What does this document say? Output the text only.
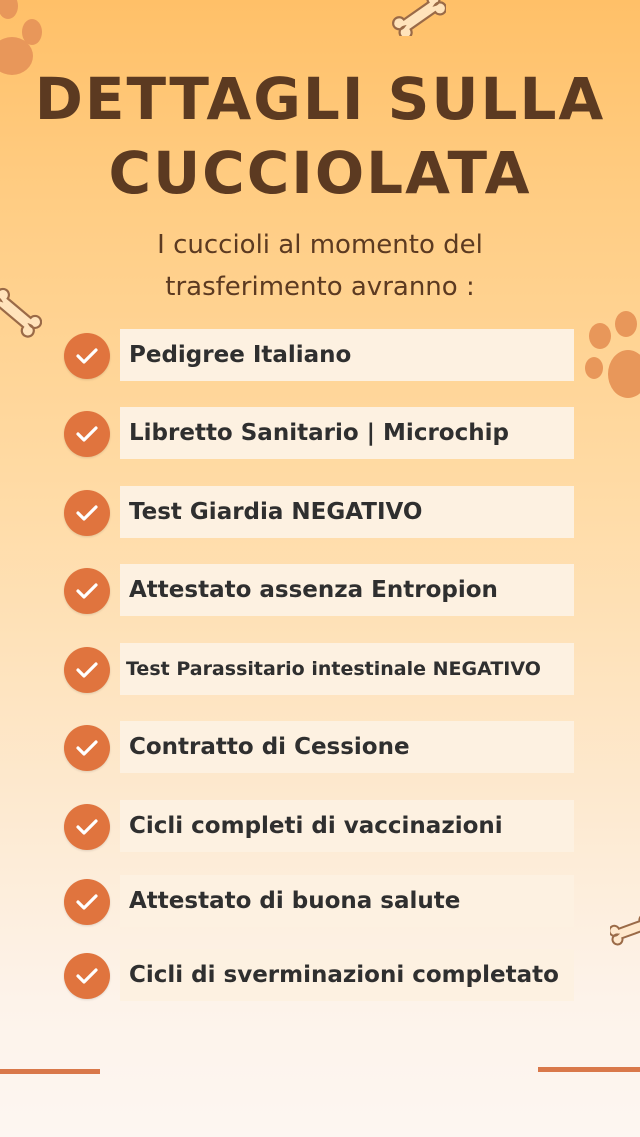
DETTAGLI SULLA
CUCCIOLATA

I cuccioli al momento del
trasferimento avranno :

Pedigree Italiano
Libretto Sanitario | Microchip
Test Giardia NEGATIVO
Attestato assenza Entropion
Test Parassitario intestinale NEGATIVO
Contratto di Cessione
Cicli completi di vaccinazioni
Attestato di buona salute
Cicli di sverminazioni completato
